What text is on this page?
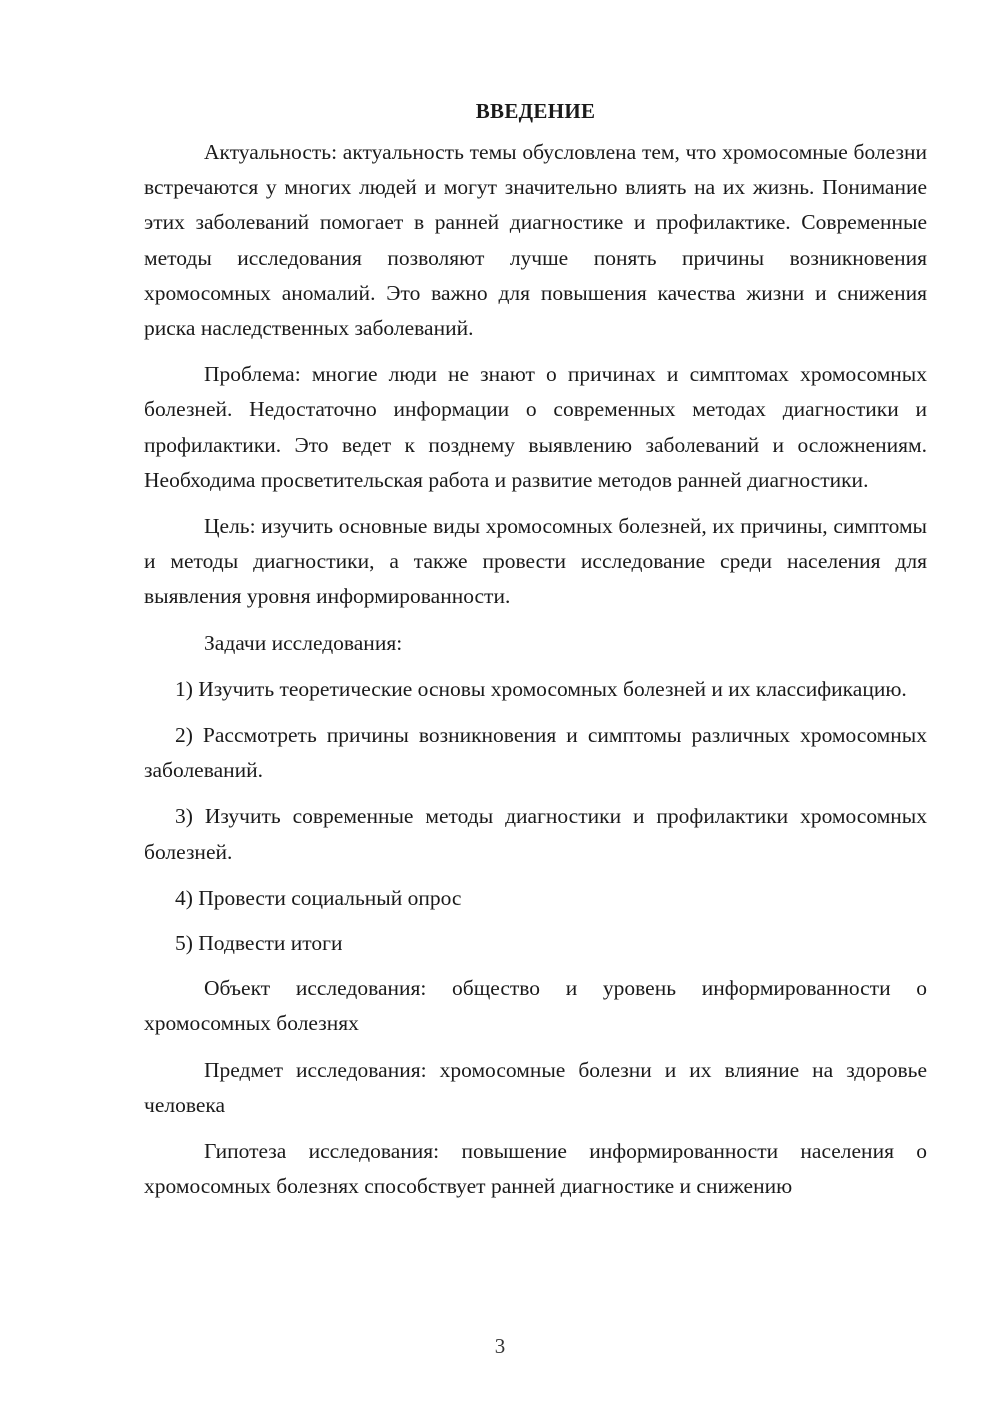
ВВЕДЕНИЕ

Актуальность: актуальность темы обусловлена тем, что хромосомные болезни встречаются у многих людей и могут значительно влиять на их жизнь. Понимание этих заболеваний помогает в ранней диагностике и профилактике. Современные методы исследования позволяют лучше понять причины возникновения хромосомных аномалий. Это важно для повышения качества жизни и снижения риска наследственных заболеваний.

Проблема: многие люди не знают о причинах и симптомах хромосомных болезней. Недостаточно информации о современных методах диагностики и профилактики. Это ведет к позднему выявлению заболеваний и осложнениям. Необходима просветительская работа и развитие методов ранней диагностики.

Цель: изучить основные виды хромосомных болезней, их причины, симптомы и методы диагностики, а также провести исследование среди населения для выявления уровня информированности.

Задачи исследования:

1) Изучить теоретические основы хромосомных болезней и их классификацию.

2) Рассмотреть причины возникновения и симптомы различных хромосомных заболеваний.

3) Изучить современные методы диагностики и профилактики хромосомных болезней.

4) Провести социальный опрос

5) Подвести итоги

Объект исследования: общество и уровень информированности о хромосомных болезнях

Предмет исследования: хромосомные болезни и их влияние на здоровье человека

Гипотеза исследования: повышение информированности населения о хромосомных болезнях способствует ранней диагностике и снижению

3
